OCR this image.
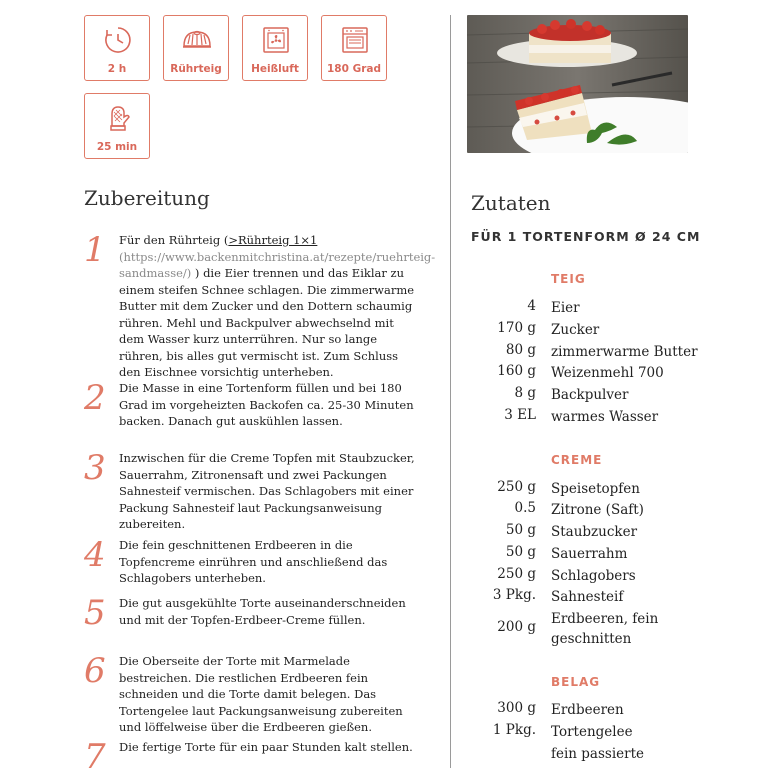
2 h	Rührteig	Heißluft	180 Grad
25 min
Zubereitung
1	Für den Rührteig (>Rührteig 1×1
(https://www.backenmitchristina.at/rezepte/ruehrteig-sandmasse/) ) die Eier trennen und das Eiklar zu einem steifen Schnee schlagen. Die zimmerwarme Butter mit dem Zucker und den Dottern schaumig rühren. Mehl und Backpulver abwechselnd mit dem Wasser kurz unterrühren. Nur so lange rühren, bis alles gut vermischt ist. Zum Schluss den Eischnee vorsichtig unterheben.
2	Die Masse in eine Tortenform füllen und bei 180 Grad im vorgeheizten Backofen ca. 25-30 Minuten backen. Danach gut auskühlen lassen.
3	Inzwischen für die Creme Topfen mit Staubzucker, Sauerrahm, Zitronensaft und zwei Packungen Sahnesteif vermischen. Das Schlagobers mit einer Packung Sahnesteif laut Packungsanweisung zubereiten.
4	Die fein geschnittenen Erdbeeren in die Topfencreme einrühren und anschließend das Schlagobers unterheben.
5	Die gut ausgekühlte Torte auseinanderschneiden und mit der Topfen-Erdbeer-Creme füllen.
6	Die Oberseite der Torte mit Marmelade bestreichen. Die restlichen Erdbeeren fein schneiden und die Torte damit belegen. Das Tortengelee laut Packungsanweisung zubereiten und löffelweise über die Erdbeeren gießen.
7	Die fertige Torte für ein paar Stunden kalt stellen.
Zutaten
FÜR 1 TORTENFORM Ø 24 CM
TEIG
4 Eier
170 g Zucker
80 g zimmerwarme Butter
160 g Weizenmehl 700
8 g Backpulver
3 EL warmes Wasser
CREME
250 g Speisetopfen
0.5 Zitrone (Saft)
50 g Staubzucker
50 g Sauerrahm
250 g Schlagobers
3 Pkg. Sahnesteif
200 g Erdbeeren, fein geschnitten
BELAG
300 g Erdbeeren
1 Pkg. Tortengelee
fein passierte
